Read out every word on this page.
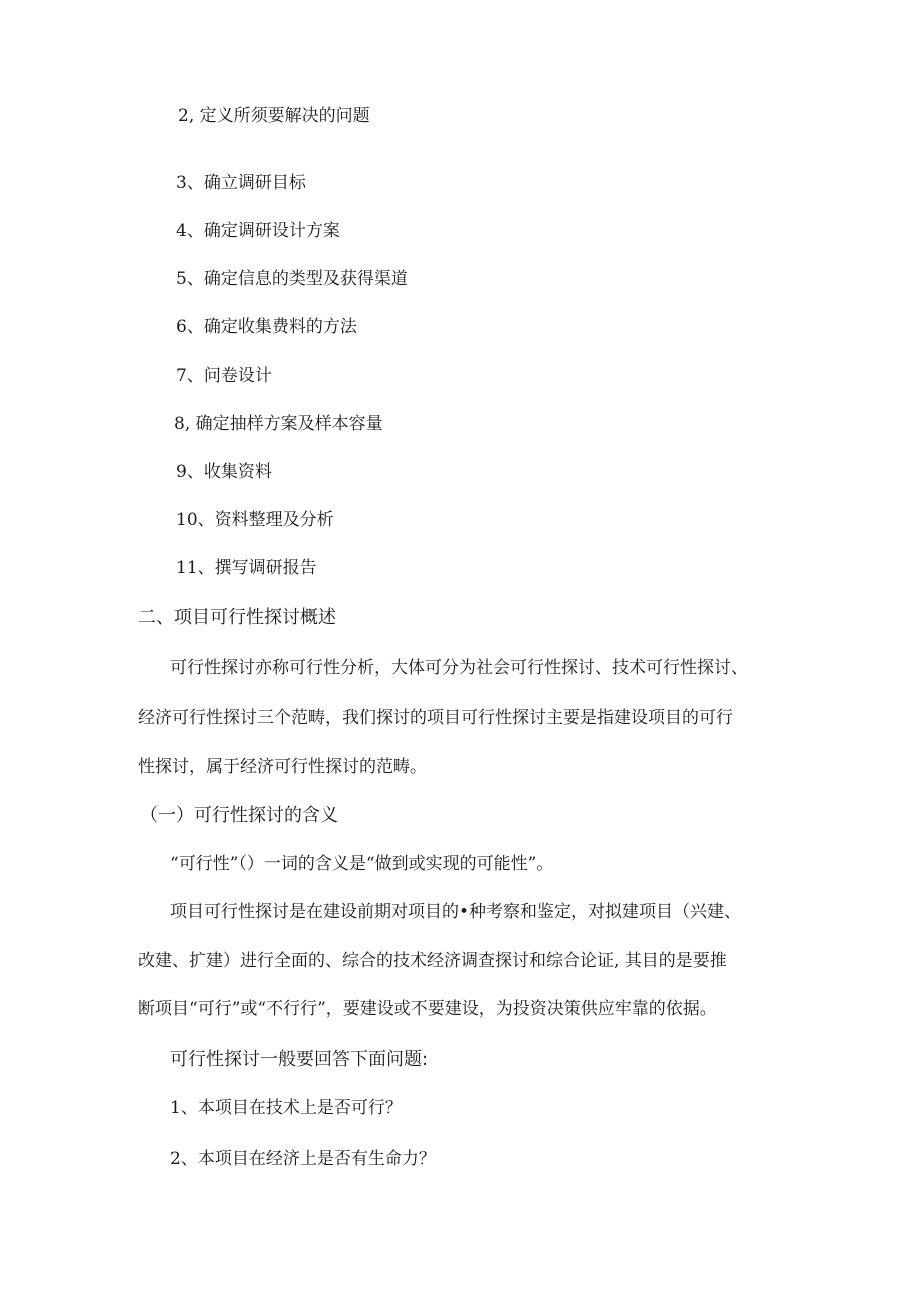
2, 定义所须要解决的问题

3、确立调研目标

4、确定调研设计方案

5、确定信息的类型及获得渠道

6、确定收集费料的方法

7、问卷设计

8, 确定抽样方案及样本容量

9、收集资料

10、资料整理及分析

11、撰写调研报告

二、项目可行性探讨概述

可行性探讨亦称可行性分析，大体可分为社会可行性探讨、技术可行性探讨、

经济可行性探讨三个范畴，我们探讨的项目可行性探讨主要是指建设项目的可行

性探讨，属于经济可行性探讨的范畴。

（一）可行性探讨的含义

“可行性”（）一词的含义是“做到或实现的可能性”。

项目可行性探讨是在建设前期对项目的•种考察和鉴定，对拟建项目（兴建、

改建、扩建）进行全面的、综合的技术经济调查探讨和综合论证, 其目的是要推

断项目“可行”或“不行行”，要建设或不要建设，为投资决策供应牢靠的依据。

可行性探讨一般要回答下面问题:

1、本项目在技术上是否可行？

2、本项目在经济上是否有生命力？
